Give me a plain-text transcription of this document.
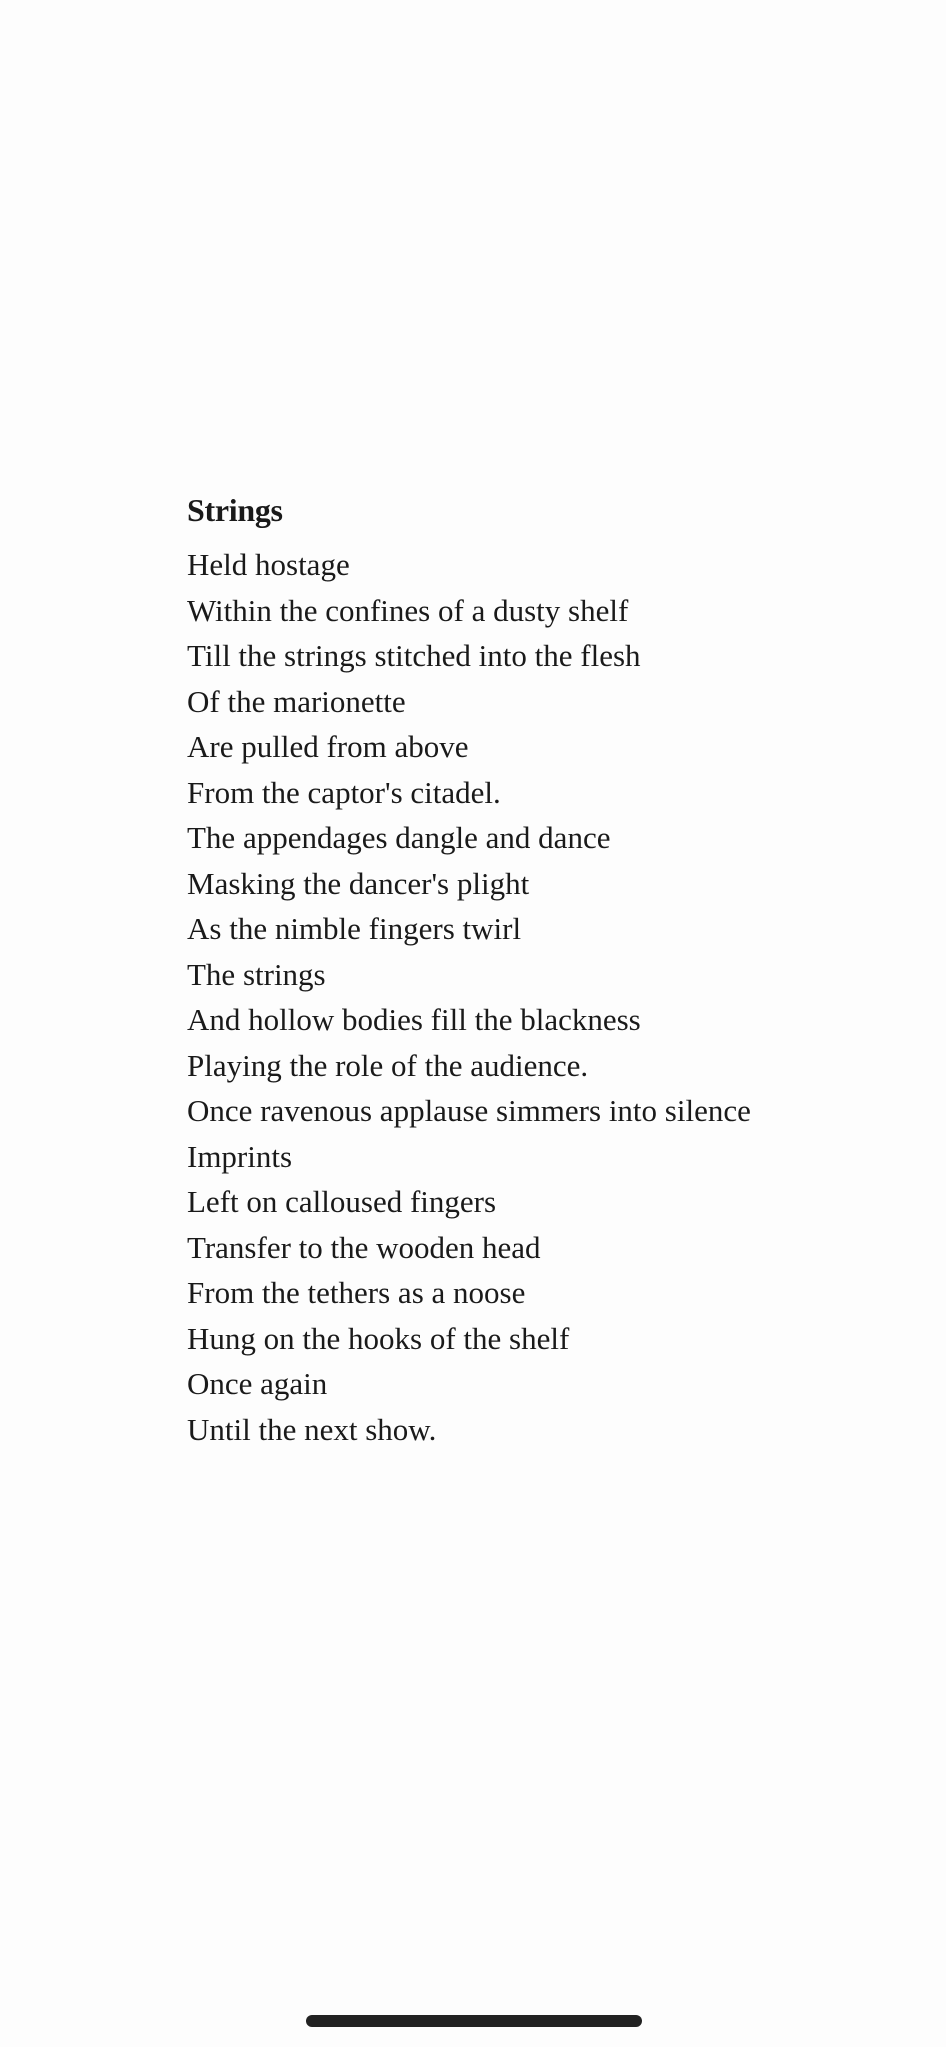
Strings
Held hostage
Within the confines of a dusty shelf
Till the strings stitched into the flesh
Of the marionette
Are pulled from above
From the captor's citadel.
The appendages dangle and dance
Masking the dancer's plight
As the nimble fingers twirl
The strings
And hollow bodies fill the blackness
Playing the role of the audience.
Once ravenous applause simmers into silence
Imprints
Left on calloused fingers
Transfer to the wooden head
From the tethers as a noose
Hung on the hooks of the shelf
Once again
Until the next show.
